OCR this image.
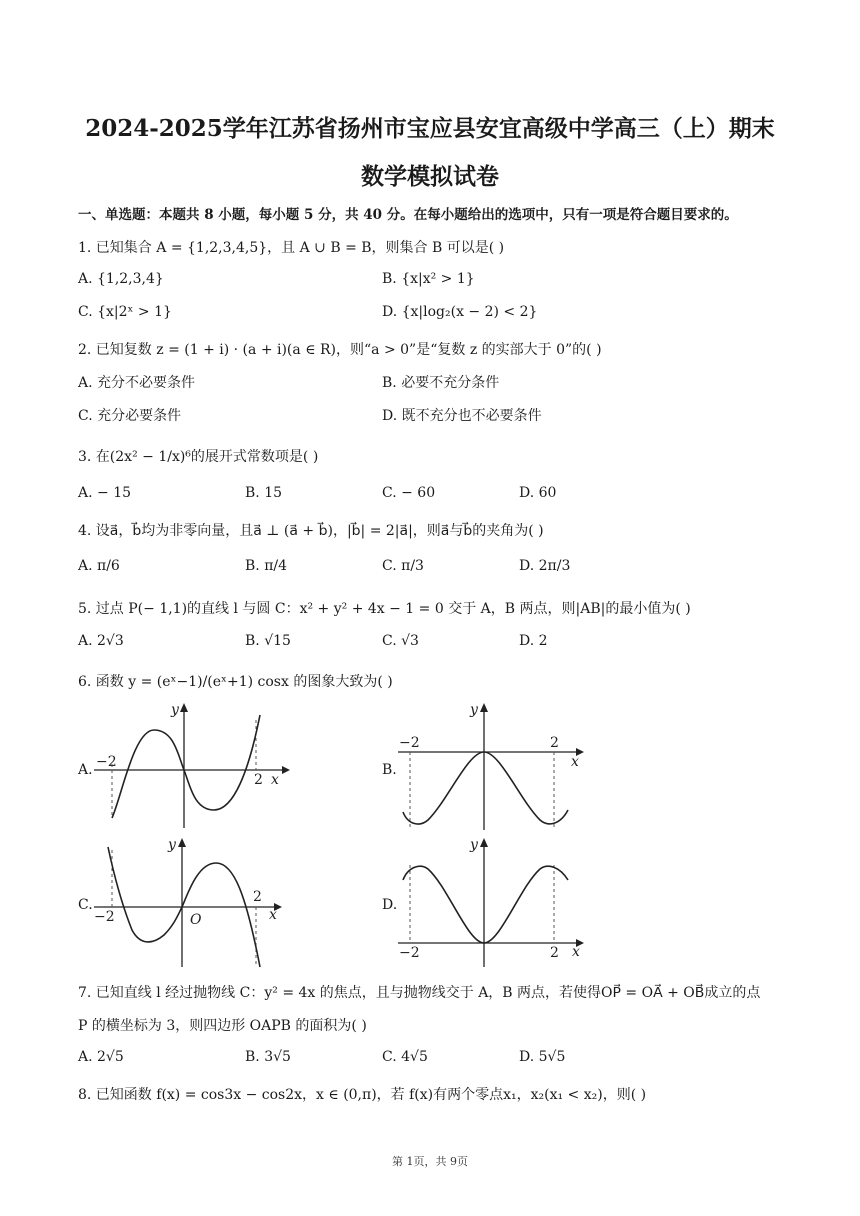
2024-2025学年江苏省扬州市宝应县安宜高级中学高三（上）期末
数学模拟试卷
一、单选题：本题共 8 小题，每小题 5 分，共 40 分。在每小题给出的选项中，只有一项是符合题目要求的。
1. 已知集合 A = {1,2,3,4,5}，且 A ∪ B = B，则集合 B 可以是( )
A. {1,2,3,4}	B. {x|x² > 1}
C. {x|2ˣ > 1}	D. {x|log₂(x − 2) < 2}
2. 已知复数 z = (1 + i) · (a + i)(a ∈ R)，则“a > 0”是“复数 z 的实部大于 0”的( )
A. 充分不必要条件	B. 必要不充分条件
C. 充分必要条件	D. 既不充分也不必要条件
3. 在(2x² − 1/x)⁶的展开式常数项是( )
A. − 15	B. 15	C. − 60	D. 60
4. 设a⃗，b⃗均为非零向量，且a⃗ ⊥ (a⃗ + b⃗)，|b⃗| = 2|a⃗|，则a⃗与b⃗的夹角为( )
A. π/6	B. π/4	C. π/3	D. 2π/3
5. 过点 P(− 1,1)的直线 l 与圆 C：x² + y² + 4x − 1 = 0 交于 A，B 两点，则|AB|的最小值为( )
A. 2√3	B. √15	C. √3	D. 2
6. 函数 y = (eˣ−1)/(eˣ+1) cosx 的图象大致为( )
A.	B.
C.	D.
y
x
−2
2
y
x
−2	2
y
x
−2
2
O
y
x
−2	2
7. 已知直线 l 经过抛物线 C：y² = 4x 的焦点，且与抛物线交于 A，B 两点，若使得OP⃗ = OA⃗ + OB⃗成立的点
P 的横坐标为 3，则四边形 OAPB 的面积为( )
A. 2√5	B. 3√5	C. 4√5	D. 5√5
8. 已知函数 f(x) = cos3x − cos2x，x ∈ (0,π)，若 f(x)有两个零点x₁，x₂(x₁ < x₂)，则( )
第 1页，共 9页
